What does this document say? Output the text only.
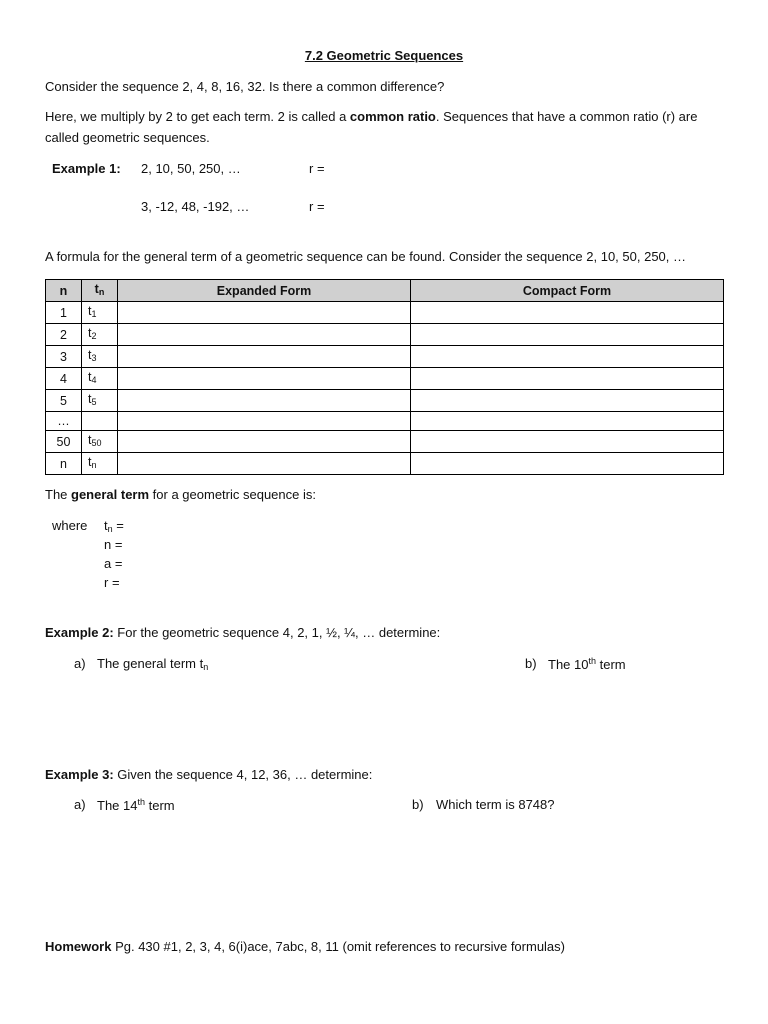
7.2 Geometric Sequences
Consider the sequence 2, 4, 8, 16, 32. Is there a common difference?
Here, we multiply by 2 to get each term. 2 is called a common ratio. Sequences that have a common ratio (r) are called geometric sequences.
Example 1: 2, 10, 50, 250, …	r =
3, -12, 48, -192, …	r =
A formula for the general term of a geometric sequence can be found. Consider the sequence 2, 10, 50, 250, …
n	$t_n$	Expanded Form	Compact Form
1	$t_1$		
2	$t_2$		
3	$t_3$		
4	$t_4$		
5	$t_5$		
…			
50	$t_{50}$		
n	$t_n$		
The general term for a geometric sequence is:
where $t_n$ =
n =
a =
r =
Example 2: For the geometric sequence 4, 2, 1, ½, ¼, … determine:
a) The general term $t_n$	b) The 10th term
Example 3: Given the sequence 4, 12, 36, … determine:
a) The 14th term	b) Which term is 8748?
Homework Pg. 430 #1, 2, 3, 4, 6(i)ace, 7abc, 8, 11 (omit references to recursive formulas)
